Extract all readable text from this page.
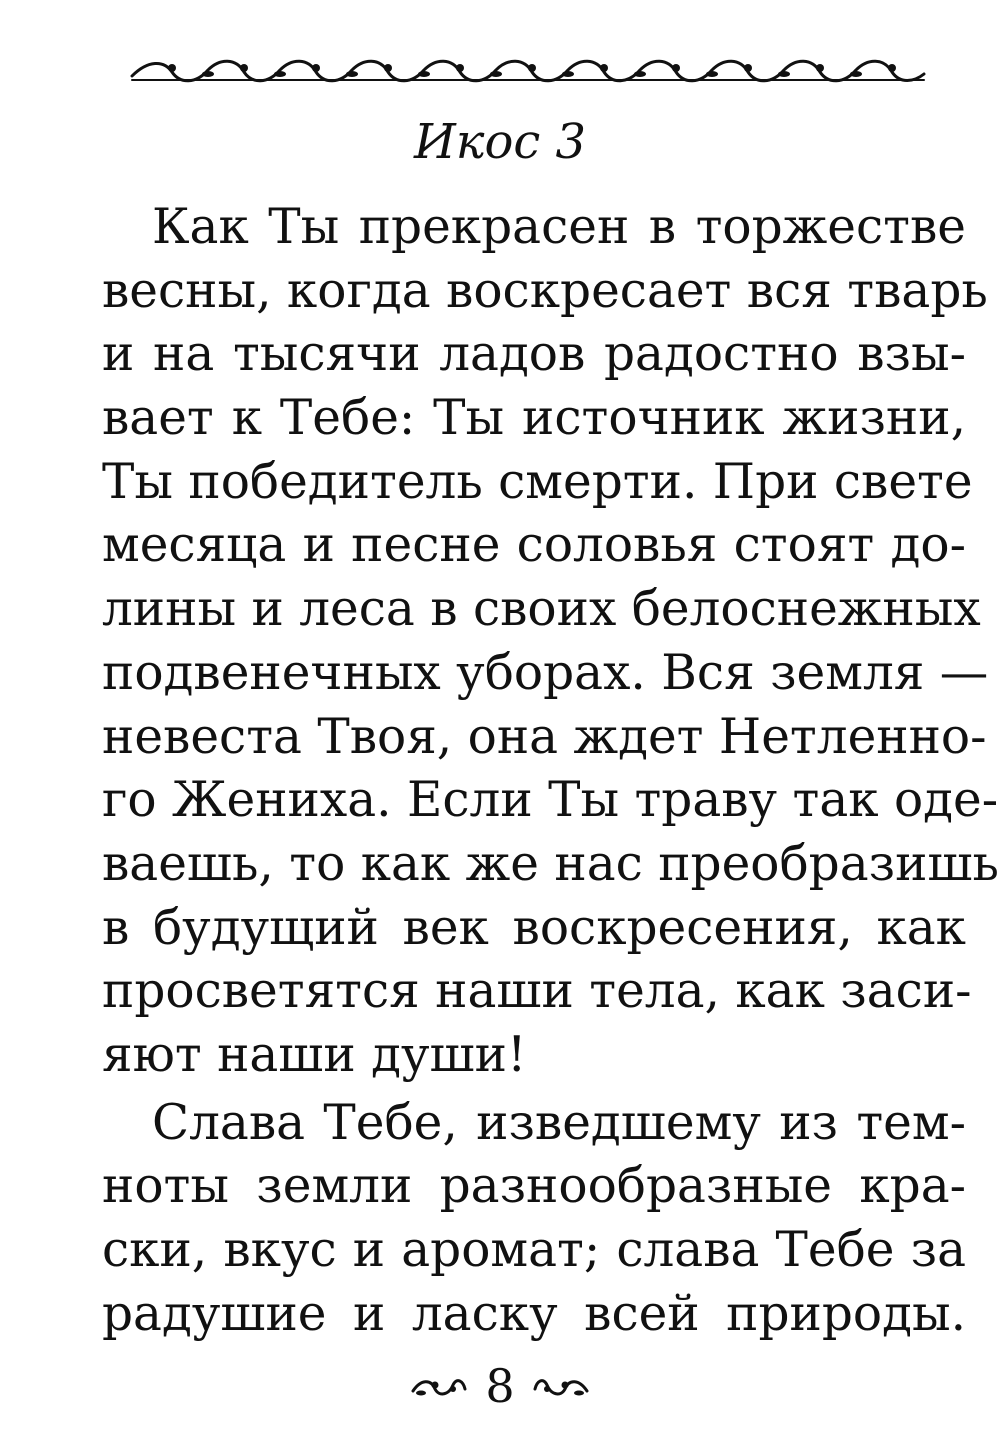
Икос 3
Как Ты прекрасен в торжестве
весны, когда воскресает вся тварь
и на тысячи ладов радостно взы-
вает к Тебе: Ты источник жизни,
Ты победитель смерти. При свете
месяца и песне соловья стоят до-
лины и леса в своих белоснежных
подвенечных уборах. Вся земля —
невеста Твоя, она ждет Нетленно-
го Жениха. Если Ты траву так оде-
ваешь, то как же нас преобразишь
в будущий век воскресения, как
просветятся наши тела, как заси-
яют наши души!
Слава Тебе, изведшему из тем-
ноты земли разнообразные кра-
ски, вкус и аромат; слава Тебе за
радушие и ласку всей природы.
8
